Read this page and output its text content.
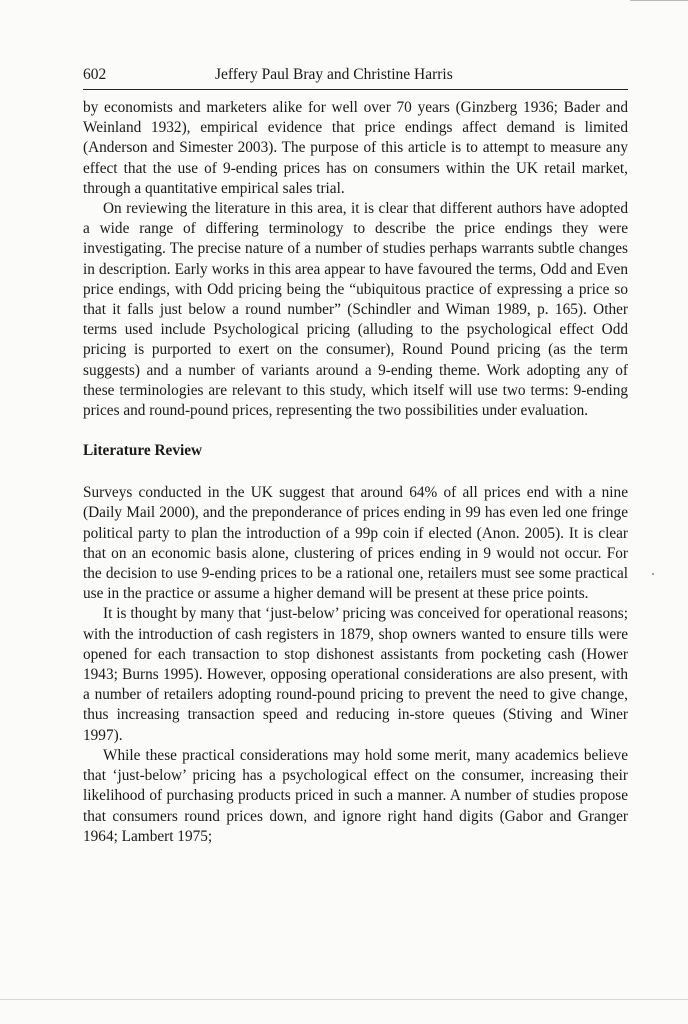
602	Jeffery Paul Bray and Christine Harris

by economists and marketers alike for well over 70 years (Ginzberg 1936; Bader and Weinland 1932), empirical evidence that price endings affect demand is limited (Anderson and Simester 2003). The purpose of this article is to attempt to measure any effect that the use of 9-ending prices has on consumers within the UK retail market, through a quantitative empirical sales trial.

On reviewing the literature in this area, it is clear that different authors have adopted a wide range of differing terminology to describe the price endings they were investigating. The precise nature of a number of studies perhaps warrants subtle changes in description. Early works in this area appear to have favoured the terms, Odd and Even price endings, with Odd pricing being the “ubiquitous practice of expressing a price so that it falls just below a round number” (Schindler and Wiman 1989, p. 165). Other terms used include Psychological pricing (alluding to the psychological effect Odd pricing is purported to exert on the consumer), Round Pound pricing (as the term suggests) and a number of variants around a 9-ending theme. Work adopting any of these terminologies are relevant to this study, which itself will use two terms: 9-ending prices and round-pound prices, representing the two possibilities under evaluation.

Literature Review

Surveys conducted in the UK suggest that around 64% of all prices end with a nine (Daily Mail 2000), and the preponderance of prices ending in 99 has even led one fringe political party to plan the introduction of a 99p coin if elected (Anon. 2005). It is clear that on an economic basis alone, clustering of prices ending in 9 would not occur. For the decision to use 9-ending prices to be a rational one, retailers must see some practical use in the practice or assume a higher demand will be present at these price points.

It is thought by many that ‘just-below’ pricing was conceived for operational reasons; with the introduction of cash registers in 1879, shop owners wanted to ensure tills were opened for each transaction to stop dishonest assistants from pocketing cash (Hower 1943; Burns 1995). However, opposing operational considerations are also present, with a number of retailers adopting round-pound pricing to prevent the need to give change, thus increasing transaction speed and reducing in-store queues (Stiving and Winer 1997).

While these practical considerations may hold some merit, many academics believe that ‘just-below’ pricing has a psychological effect on the consumer, increasing their likelihood of purchasing products priced in such a manner. A number of studies propose that consumers round prices down, and ignore right hand digits (Gabor and Granger 1964; Lambert 1975;
